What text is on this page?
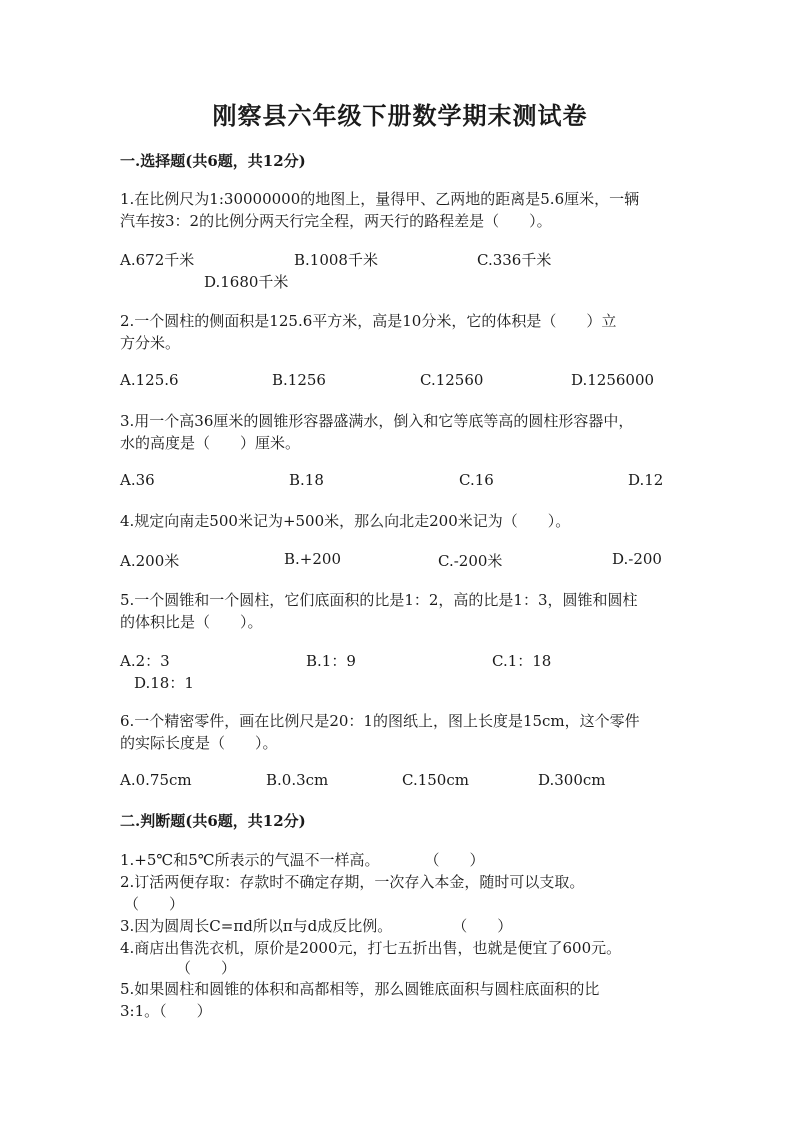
刚察县六年级下册数学期末测试卷
一.选择题(共6题，共12分)
1.在比例尺为1:30000000的地图上，量得甲、乙两地的距离是5.6厘米，一辆
汽车按3：2的比例分两天行完全程，两天行的路程差是（　　）。
A.672千米	B.1008千米	C.336千米
D.1680千米
2.一个圆柱的侧面积是125.6平方米，高是10分米，它的体积是（　　）立
方分米。
A.125.6	B.1256	C.12560	D.1256000
3.用一个高36厘米的圆锥形容器盛满水，倒入和它等底等高的圆柱形容器中，
水的高度是（　　）厘米。
A.36	B.18	C.16	D.12
4.规定向南走500米记为+500米，那么向北走200米记为（　　）。
A.200米	B.+200	C.-200米	D.-200
5.一个圆锥和一个圆柱，它们底面积的比是1：2，高的比是1：3，圆锥和圆柱
的体积比是（　　）。
A.2：3	B.1：9	C.1：18
D.18：1
6.一个精密零件，画在比例尺是20：1的图纸上，图上长度是15cm，这个零件
的实际长度是（　　）。
A.0.75cm	B.0.3cm	C.150cm	D.300cm
二.判断题(共6题，共12分)
1.+5℃和5℃所表示的气温不一样高。　　　　（　　）
2.订活两便存取：存款时不确定存期，一次存入本金，随时可以支取。
（　　）
3.因为圆周长C=πd所以π与d成反比例。　　　　　（　　）
4.商店出售洗衣机，原价是2000元，打七五折出售，也就是便宜了600元。
（　　）
5.如果圆柱和圆锥的体积和高都相等，那么圆锥底面积与圆柱底面积的比
3:1。（　　）
